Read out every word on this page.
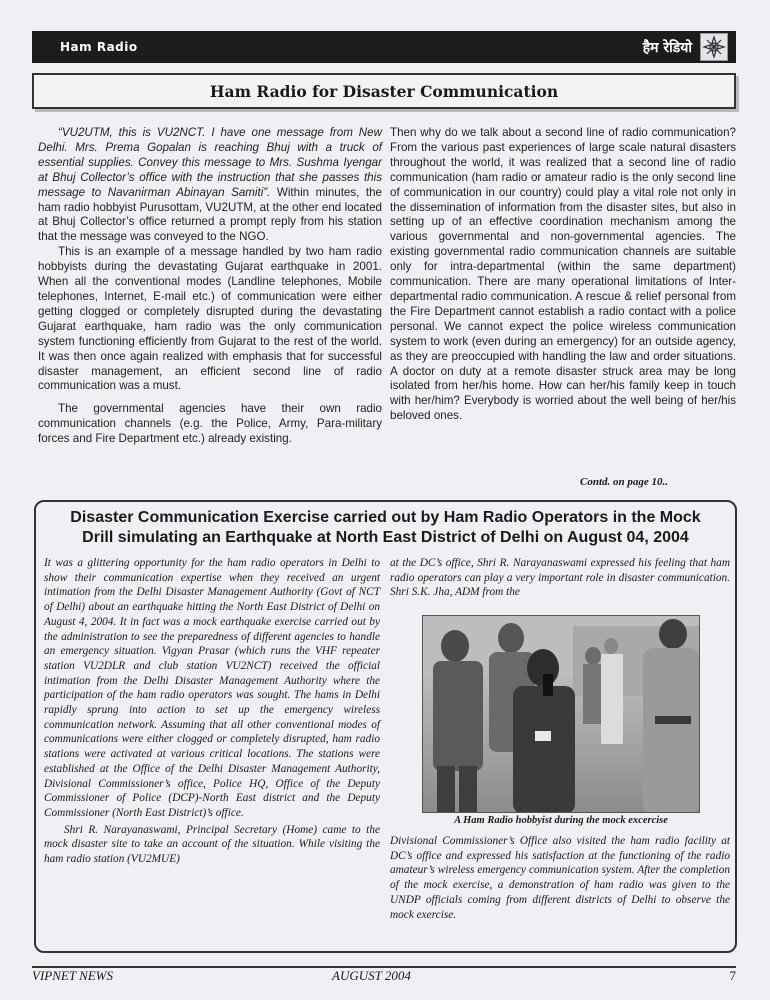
Ham Radio	हैम रेडियो
Ham Radio for Disaster Communication

“VU2UTM, this is VU2NCT. I have one message from New Delhi. Mrs. Prema Gopalan is reaching Bhuj with a truck of essential supplies. Convey this message to Mrs. Sushma Iyengar at Bhuj Collector’s office with the instruction that she passes this message to Navanirman Abinayan Samiti”. Within minutes, the ham radio hobbyist Purusottam, VU2UTM, at the other end located at Bhuj Collector’s office returned a prompt reply from his station that the message was conveyed to the NGO.

This is an example of a message handled by two ham radio hobbyists during the devastating Gujarat earthquake in 2001. When all the conventional modes (Landline telephones, Mobile telephones, Internet, E-mail etc.) of communication were either getting clogged or completely disrupted during the devastating Gujarat earthquake, ham radio was the only communication system functioning efficiently from Gujarat to the rest of the world. It was then once again realized with emphasis that for successful disaster management, an efficient second line of radio communication was a must.

The governmental agencies have their own radio communication channels (e.g. the Police, Army, Para-military forces and Fire Department etc.) already existing.

Then why do we talk about a second line of radio communication? From the various past experiences of large scale natural disasters throughout the world, it was realized that a second line of radio communication (ham radio or amateur radio is the only second line of communication in our country) could play a vital role not only in the dissemination of information from the disaster sites, but also in setting up of an effective coordination mechanism among the various governmental and non-governmental agencies. The existing governmental radio communication channels are suitable only for intra-departmental (within the same department) communication. There are many operational limitations of Inter-departmental radio communication. A rescue & relief personal from the Fire Department cannot establish a radio contact with a police personal. We cannot expect the police wireless communication system to work (even during an emergency) for an outside agency, as they are preoccupied with handling the law and order situations. A doctor on duty at a remote disaster struck area may be long isolated from her/his home. How can her/his family keep in touch with her/him? Everybody is worried about the well being of her/his beloved ones.

Contd. on page 10..
Disaster Communication Exercise carried out by Ham Radio Operators in the Mock
Drill simulating an Earthquake at North East District of Delhi on August 04, 2004

It was a glittering opportunity for the ham radio operators in Delhi to show their communication expertise when they received an urgent intimation from the Delhi Disaster Management Authority (Govt of NCT of Delhi) about an earthquake hitting the North East District of Delhi on August 4, 2004. It in fact was a mock earthquake exercise carried out by the administration to see the preparedness of different agencies to handle an emergency situation. Vigyan Prasar (which runs the VHF repeater station VU2DLR and club station VU2NCT) received the official intimation from the Delhi Disaster Management Authority where the participation of the ham radio operators was sought. The hams in Delhi rapidly sprung into action to set up the emergency wireless communication network. Assuming that all other conventional modes of communications were either clogged or completely disrupted, ham radio stations were activated at various critical locations. The stations were established at the Office of the Delhi Disaster Management Authority, Divisional Commissioner’s office, Police HQ, Office of the Deputy Commissioner of Police (DCP)-North East district and the Deputy Commissioner (North East District)’s office.

Shri R. Narayanaswami, Principal Secretary (Home) came to the mock disaster site to take an account of the situation. While visiting the ham radio station (VU2MUE)

at the DC’s office, Shri R. Narayanaswami expressed his feeling that ham radio operators can play a very important role in disaster communication. Shri S.K. Jha, ADM from the
A Ham Radio hobbyist during the mock excercise
Divisional Commissioner’s Office also visited the ham radio facility at DC’s office and expressed his satisfaction at the functioning of the radio amateur’s wireless emergency communication system. After the completion of the mock exercise, a demonstration of ham radio was given to the UNDP officials coming from different districts of Delhi to observe the mock exercise.
VIPNET NEWS	AUGUST 2004	7
